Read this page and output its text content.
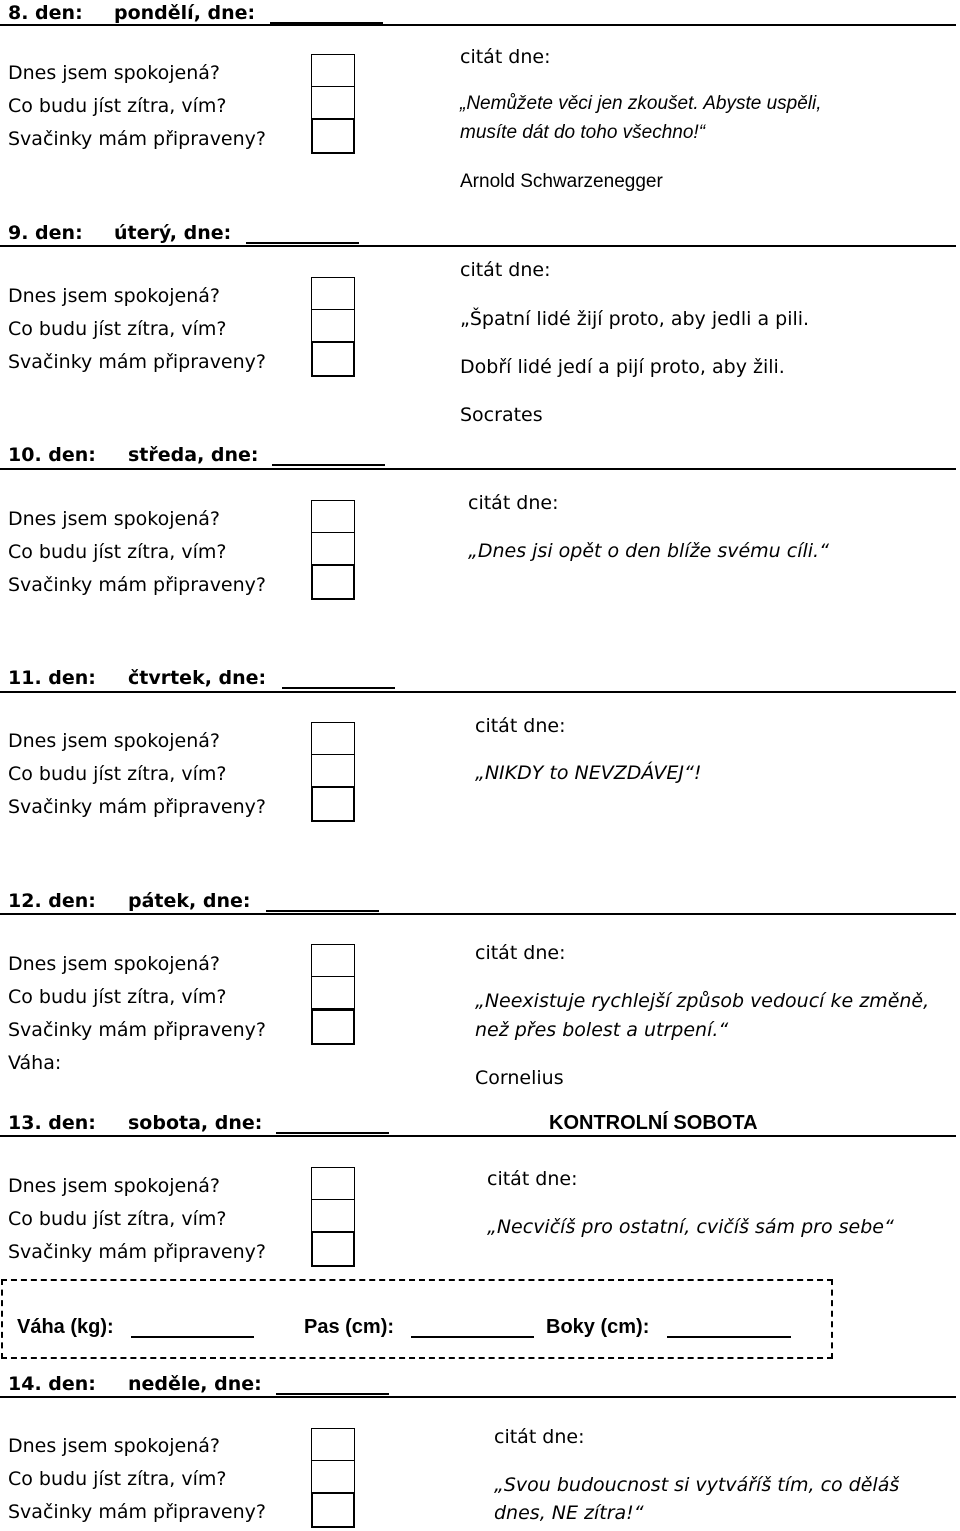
8. den: pondělí, dne:
Dnes jsem spokojená?
Co budu jíst zítra, vím?
Svačinky mám připraveny?
citát dne:
„Nemůžete věci jen zkoušet. Abyste uspěli,
musíte dát do toho všechno!“
Arnold Schwarzenegger
9. den: úterý, dne:
Dnes jsem spokojená?
Co budu jíst zítra, vím?
Svačinky mám připraveny?
citát dne:
„Špatní lidé žijí proto, aby jedli a pili.
Dobří lidé jedí a pijí proto, aby žili.
Socrates
10. den: středa, dne:
Dnes jsem spokojená?
Co budu jíst zítra, vím?
Svačinky mám připraveny?
citát dne:
„Dnes jsi opět o den blíže svému cíli.“
11. den: čtvrtek, dne:
Dnes jsem spokojená?
Co budu jíst zítra, vím?
Svačinky mám připraveny?
citát dne:
„NIKDY to NEVZDÁVEJ“!
12. den: pátek, dne:
Dnes jsem spokojená?
Co budu jíst zítra, vím?
Svačinky mám připraveny?
Váha:
citát dne:
„Neexistuje rychlejší způsob vedoucí ke změně,
než přes bolest a utrpení.“
Cornelius
13. den: sobota, dne:	KONTROLNÍ SOBOTA
Dnes jsem spokojená?
Co budu jíst zítra, vím?
Svačinky mám připraveny?
citát dne:
„Necvičíš pro ostatní, cvičíš sám pro sebe“
Váha (kg):	Pas (cm):	Boky (cm):
14. den: neděle, dne:
Dnes jsem spokojená?
Co budu jíst zítra, vím?
Svačinky mám připraveny?
citát dne:
„Svou budoucnost si vytváříš tím, co děláš
dnes, NE zítra!“
